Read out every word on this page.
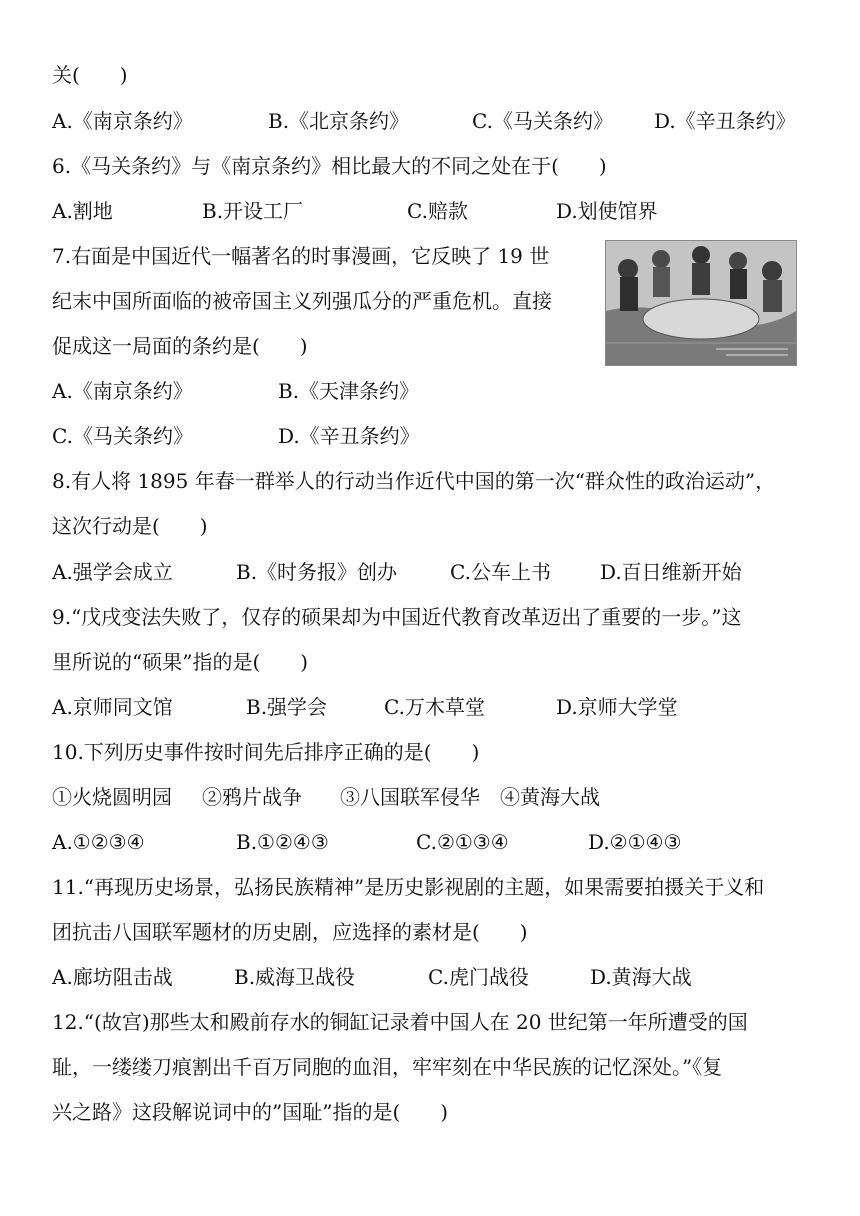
关(　　)
A.《南京条约》	B.《北京条约》	C.《马关条约》 D.《辛丑条约》
6.《马关条约》与《南京条约》相比最大的不同之处在于(　　)
A.割地	B.开设工厂	C.赔款	D.划使馆界
7.右面是中国近代一幅著名的时事漫画，它反映了 19 世
纪末中国所面临的被帝国主义列强瓜分的严重危机。直接
促成这一局面的条约是(　　)
A.《南京条约》	B.《天津条约》
C.《马关条约》	D.《辛丑条约》
8.有人将 1895 年春一群举人的行动当作近代中国的第一次“群众性的政治运动”，
这次行动是(　　)
A.强学会成立	B.《时务报》创办	C.公车上书 D.百日维新开始
9.“戊戌变法失败了，仅存的硕果却为中国近代教育改革迈出了重要的一步。”这
里所说的“硕果”指的是(　　)
A.京师同文馆	B.强学会	C.万木草堂	D.京师大学堂
10.下列历史事件按时间先后排序正确的是(　　)
①火烧圆明园 ②鸦片战争 ③八国联军侵华 ④黄海大战
A.①②③④	B.①②④③	C.②①③④	D.②①④③
11.“再现历史场景，弘扬民族精神”是历史影视剧的主题，如果需要拍摄关于义和
团抗击八国联军题材的历史剧，应选择的素材是(　　)
A.廊坊阻击战	B.威海卫战役	C.虎门战役	D.黄海大战
12.“(故宫)那些太和殿前存水的铜缸记录着中国人在 20 世纪第一年所遭受的国
耻，一缕缕刀痕割出千百万同胞的血泪，牢牢刻在中华民族的记忆深处。”《复
兴之路》这段解说词中的”国耻”指的是(　　)
